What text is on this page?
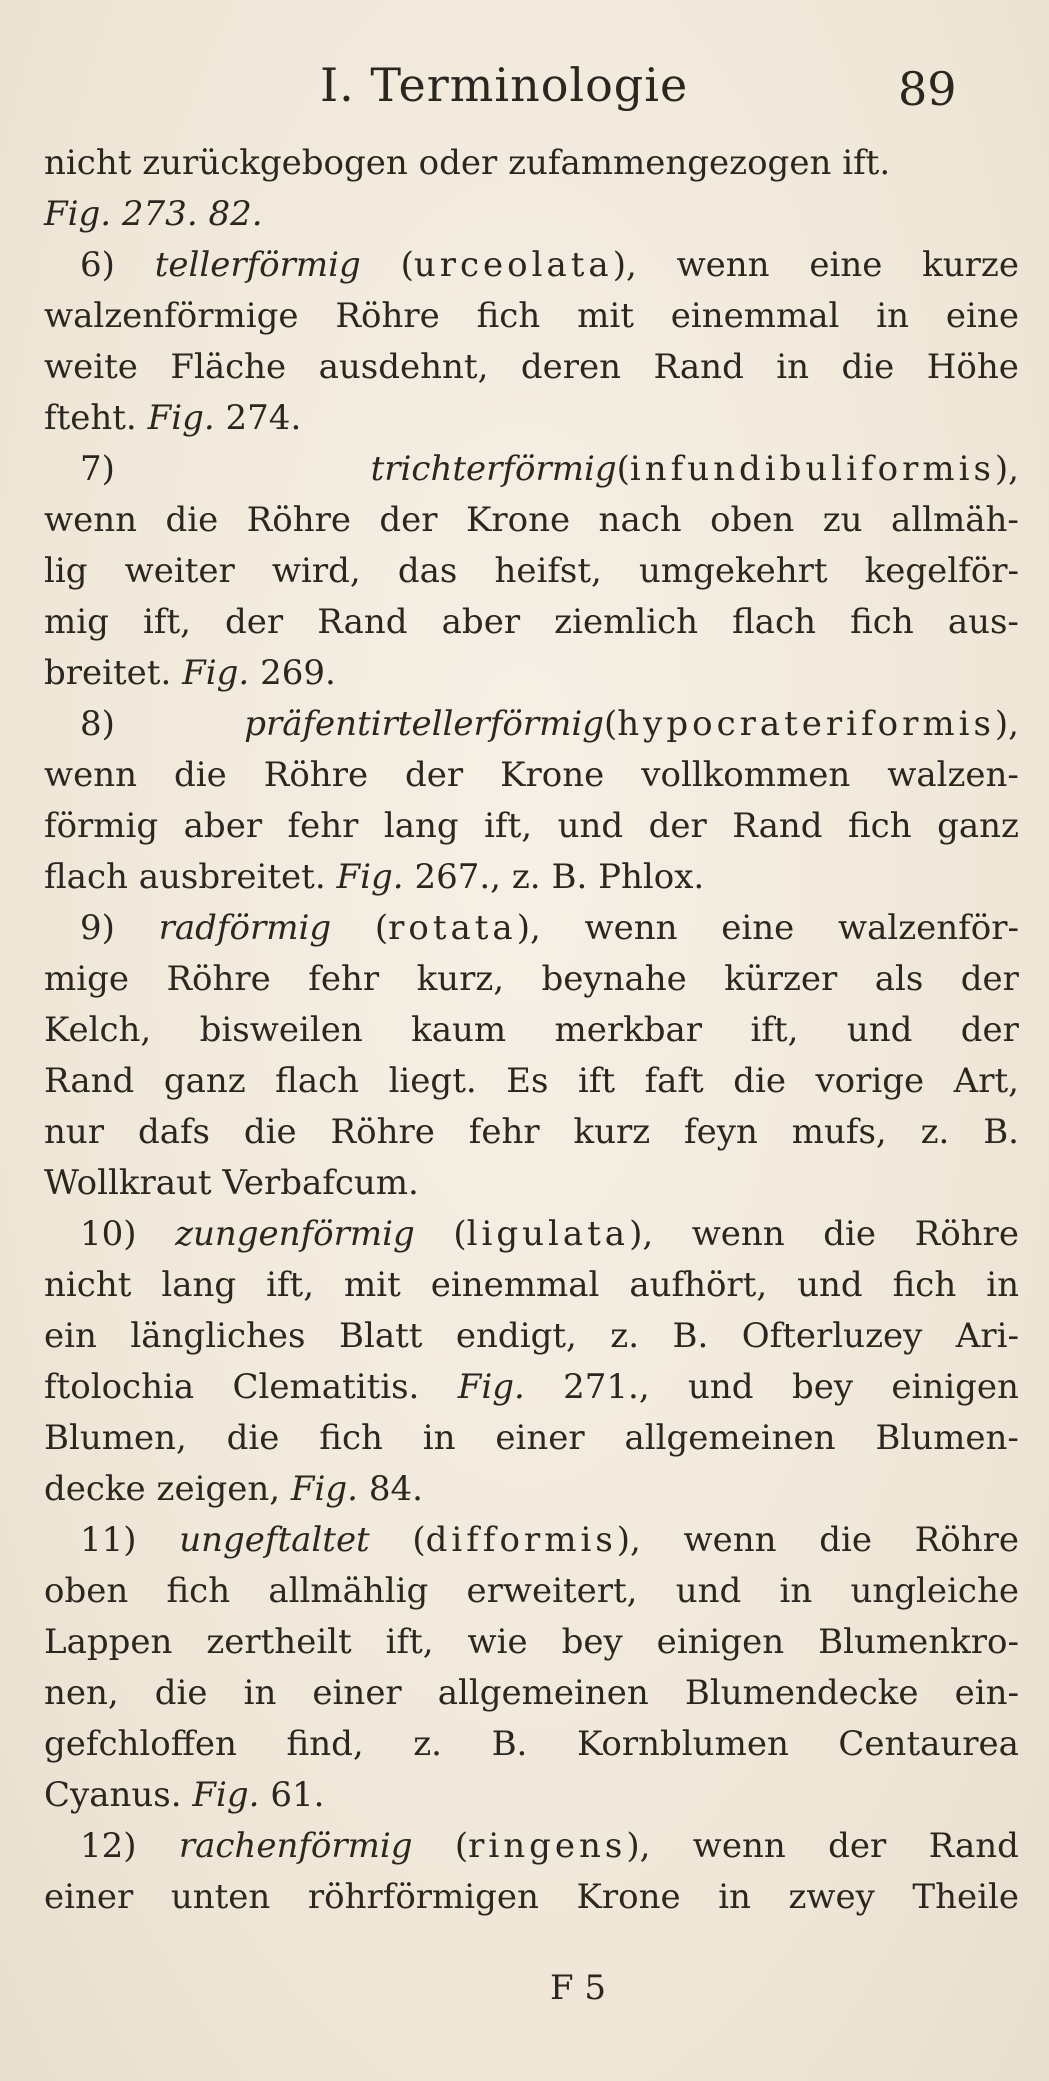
I. Terminologie	89
nicht zurückgebogen oder zufammengezogen ift.
Fig. 273. 82.
6) tellerförmig (urceolata), wenn eine kurze
walzenförmige Röhre fich mit einemmal in eine
weite Fläche ausdehnt, deren Rand in die Höhe
fteht. Fig. 274.
7)	trichterförmig(infundibuliformis),
wenn die Röhre der Krone nach oben zu allmäh-
lig weiter wird, das heifst, umgekehrt kegelför-
mig ift, der Rand aber ziemlich flach fich aus-
breitet. Fig. 269.
8)	präfentirtellerförmig(hypocrateriformis),
wenn die Röhre der Krone vollkommen walzen-
förmig aber fehr lang ift, und der Rand fich ganz
flach ausbreitet. Fig. 267., z. B. Phlox.
9) radförmig (rotata), wenn eine walzenför-
mige Röhre fehr kurz, beynahe kürzer als der
Kelch, bisweilen kaum merkbar ift, und der
Rand ganz flach liegt. Es ift faft die vorige Art,
nur dafs die Röhre fehr kurz feyn mufs, z. B.
Wollkraut Verbafcum.
10) zungenförmig (ligulata), wenn die Röhre
nicht lang ift, mit einemmal aufhört, und fich in
ein längliches Blatt endigt, z. B. Ofterluzey Ari-
ftolochia Clematitis. Fig. 271., und bey einigen
Blumen, die fich in einer allgemeinen Blumen-
decke zeigen, Fig. 84.
11) ungeftaltet (difformis), wenn die Röhre
oben fich allmählig erweitert, und in ungleiche
Lappen zertheilt ift, wie bey einigen Blumenkro-
nen, die in einer allgemeinen Blumendecke ein-
gefchloffen find, z. B. Kornblumen Centaurea
Cyanus. Fig. 61.
12) rachenförmig (ringens), wenn der Rand
einer unten röhrförmigen Krone in zwey Theile
F 5
